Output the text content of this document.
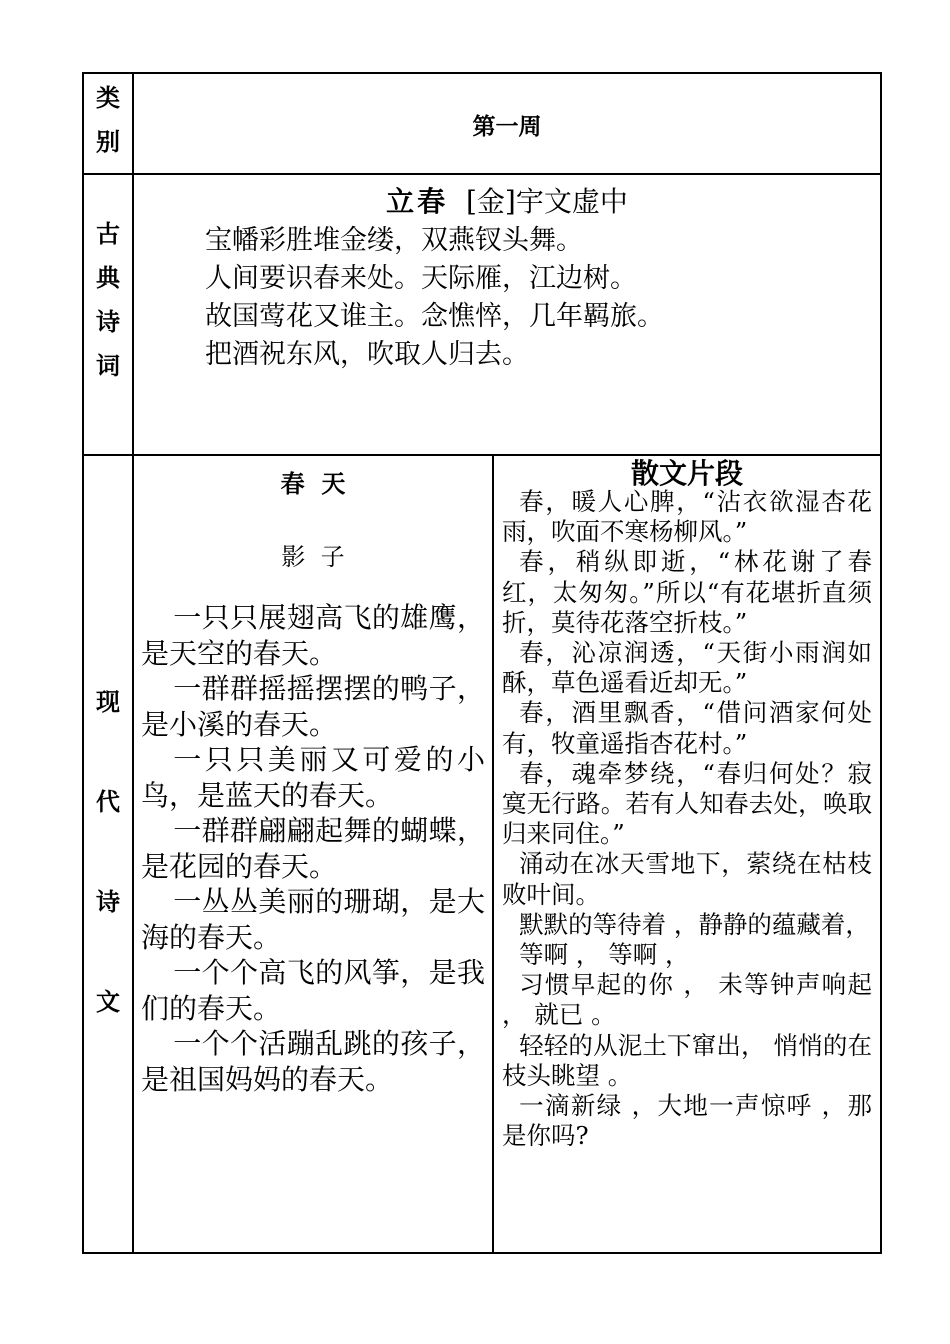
类
别
第一周
古
典
诗
词
立春 [金]宇文虚中
宝幡彩胜堆金缕，双燕钗头舞。
人间要识春来处。天际雁，江边树。
故国莺花又谁主。念憔悴，几年羁旅。
把酒祝东风，吹取人归去。
现
代
诗
文
春  天
影  子

一只只展翅高飞的雄鹰，是天空的春天。

一群群摇摇摆摆的鸭子，是小溪的春天。

一只只美丽又可爱的小鸟，是蓝天的春天。

一群群翩翩起舞的蝴蝶，是花园的春天。

一丛丛美丽的珊瑚，是大海的春天。

一个个高飞的风筝，是我们的春天。

一个个活蹦乱跳的孩子，是祖国妈妈的春天。

散文片段

春，暖人心脾，“沾衣欲湿杏花雨，吹面不寒杨柳风。”

春，稍纵即逝，“林花谢了春红，太匆匆。”所以“有花堪折直须折，莫待花落空折枝。”

春，沁凉润透，“天街小雨润如酥，草色遥看近却无。”

春，酒里飘香，“借问酒家何处有，牧童遥指杏花村。”

春，魂牵梦绕，“春归何处？寂寞无行路。若有人知春去处，唤取归来同住。”

涌动在冰天雪地下，萦绕在枯枝败叶间。

默默的等待着 ，静静的蕴藏着，

等啊 ， 等啊 ，

习惯早起的你 ， 未等钟声响起 ， 就已 。

轻轻的从泥土下窜出， 悄悄的在枝头眺望 。

一滴新绿 ，大地一声惊呼 ，那是你吗?
